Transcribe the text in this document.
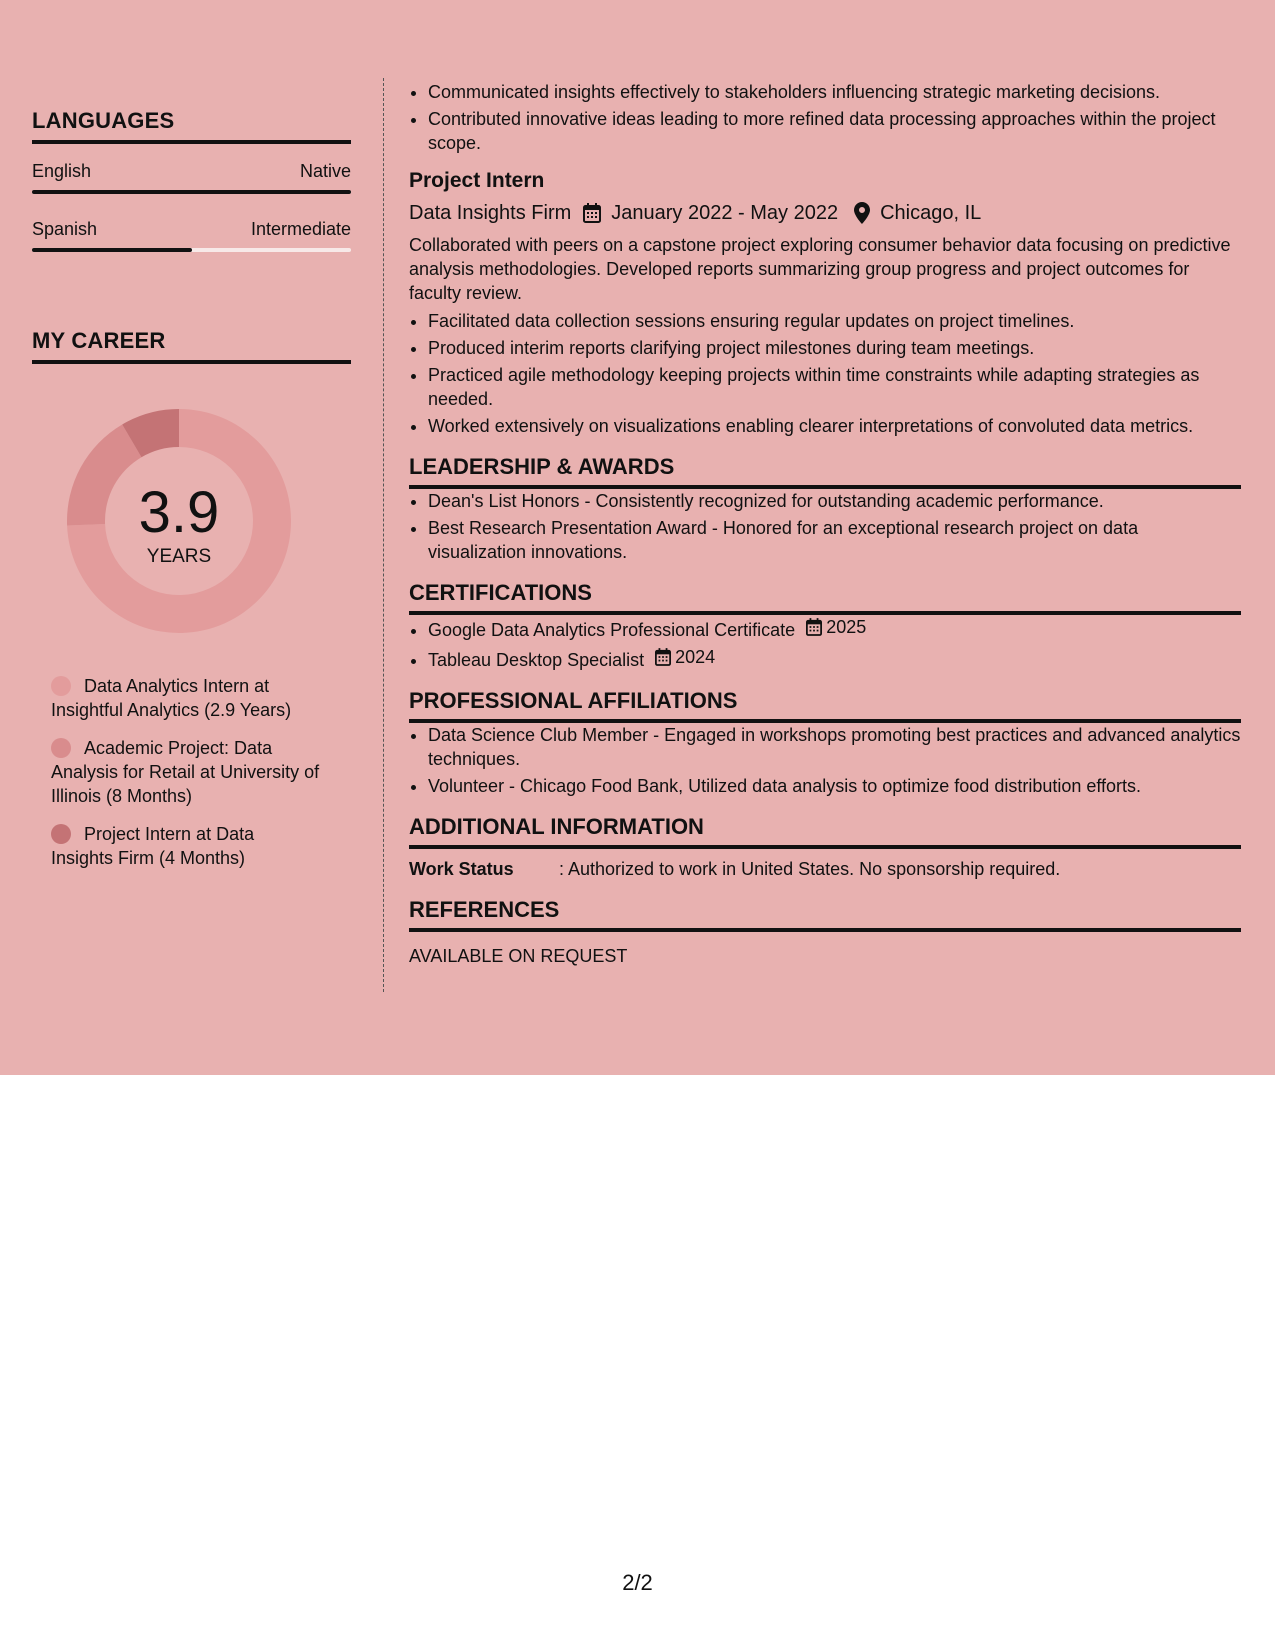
LANGUAGES
English	Native
Spanish	Intermediate
MY CAREER
3.9
YEARS
Data Analytics Intern at Insightful Analytics (2.9 Years)
Academic Project: Data Analysis for Retail at University of Illinois (8 Months)
Project Intern at Data Insights Firm (4 Months)
• Communicated insights effectively to stakeholders influencing strategic marketing decisions.
• Contributed innovative ideas leading to more refined data processing approaches within the project scope.
Project Intern
Data Insights Firm January 2022 - May 2022 Chicago, IL
Collaborated with peers on a capstone project exploring consumer behavior data focusing on predictive analysis methodologies. Developed reports summarizing group progress and project outcomes for faculty review.
• Facilitated data collection sessions ensuring regular updates on project timelines.
• Produced interim reports clarifying project milestones during team meetings.
• Practiced agile methodology keeping projects within time constraints while adapting strategies as needed.
• Worked extensively on visualizations enabling clearer interpretations of convoluted data metrics.
LEADERSHIP & AWARDS
• Dean's List Honors - Consistently recognized for outstanding academic performance.
• Best Research Presentation Award - Honored for an exceptional research project on data visualization innovations.
CERTIFICATIONS
• Google Data Analytics Professional Certificate 2025
• Tableau Desktop Specialist 2024
PROFESSIONAL AFFILIATIONS
• Data Science Club Member - Engaged in workshops promoting best practices and advanced analytics techniques.
• Volunteer - Chicago Food Bank, Utilized data analysis to optimize food distribution efforts.
ADDITIONAL INFORMATION
Work Status	: Authorized to work in United States. No sponsorship required.
REFERENCES
AVAILABLE ON REQUEST
2/2
